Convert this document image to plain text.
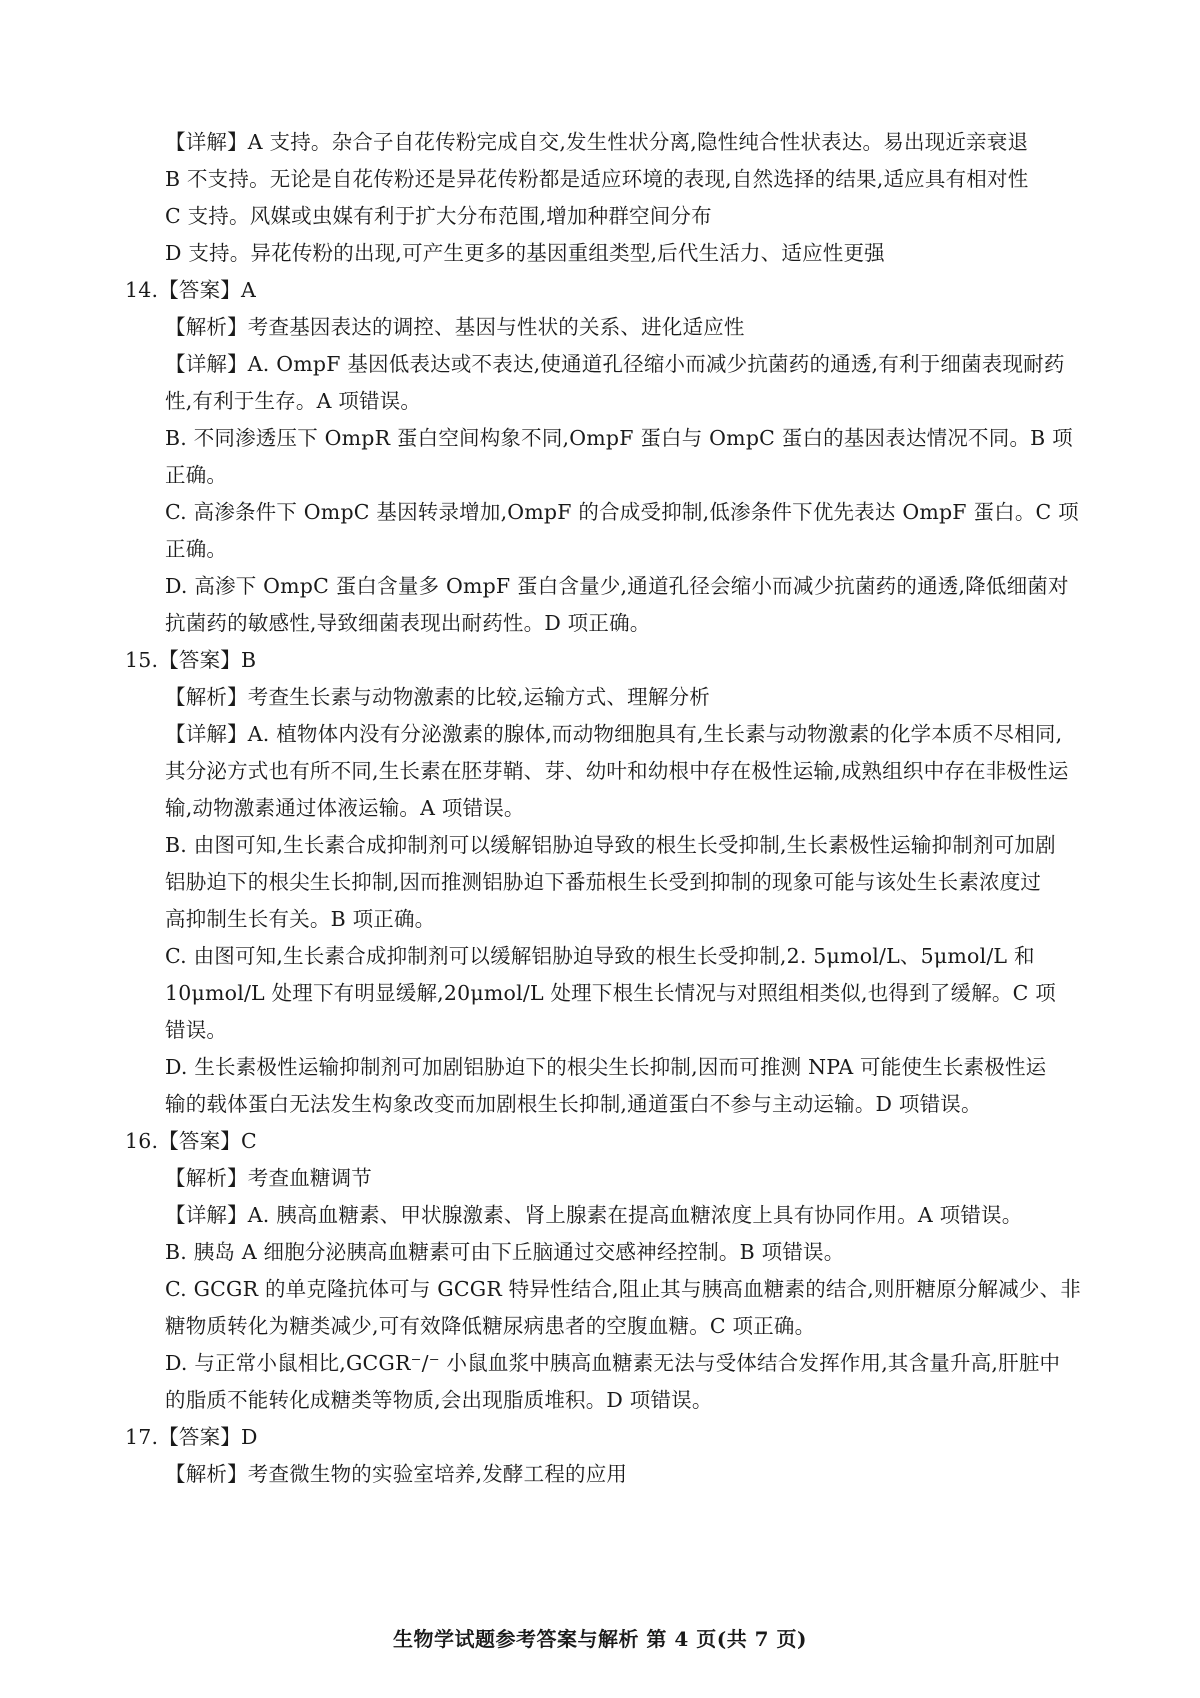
【详解】A 支持。杂合子自花传粉完成自交,发生性状分离,隐性纯合性状表达。易出现近亲衰退
B 不支持。无论是自花传粉还是异花传粉都是适应环境的表现,自然选择的结果,适应具有相对性
C 支持。风媒或虫媒有利于扩大分布范围,增加种群空间分布
D 支持。异花传粉的出现,可产生更多的基因重组类型,后代生活力、适应性更强
14.【答案】A
【解析】考查基因表达的调控、基因与性状的关系、进化适应性
【详解】A. OmpF 基因低表达或不表达,使通道孔径缩小而减少抗菌药的通透,有利于细菌表现耐药
性,有利于生存。A 项错误。
B. 不同渗透压下 OmpR 蛋白空间构象不同,OmpF 蛋白与 OmpC 蛋白的基因表达情况不同。B 项
正确。
C. 高渗条件下 OmpC 基因转录增加,OmpF 的合成受抑制,低渗条件下优先表达 OmpF 蛋白。C 项
正确。
D. 高渗下 OmpC 蛋白含量多 OmpF 蛋白含量少,通道孔径会缩小而减少抗菌药的通透,降低细菌对
抗菌药的敏感性,导致细菌表现出耐药性。D 项正确。
15.【答案】B
【解析】考查生长素与动物激素的比较,运输方式、理解分析
【详解】A. 植物体内没有分泌激素的腺体,而动物细胞具有,生长素与动物激素的化学本质不尽相同,
其分泌方式也有所不同,生长素在胚芽鞘、芽、幼叶和幼根中存在极性运输,成熟组织中存在非极性运
输,动物激素通过体液运输。A 项错误。
B. 由图可知,生长素合成抑制剂可以缓解铝胁迫导致的根生长受抑制,生长素极性运输抑制剂可加剧
铝胁迫下的根尖生长抑制,因而推测铝胁迫下番茄根生长受到抑制的现象可能与该处生长素浓度过
高抑制生长有关。B 项正确。
C. 由图可知,生长素合成抑制剂可以缓解铝胁迫导致的根生长受抑制,2. 5μmol/L、5μmol/L 和
10μmol/L 处理下有明显缓解,20μmol/L 处理下根生长情况与对照组相类似,也得到了缓解。C 项
错误。
D. 生长素极性运输抑制剂可加剧铝胁迫下的根尖生长抑制,因而可推测 NPA 可能使生长素极性运
输的载体蛋白无法发生构象改变而加剧根生长抑制,通道蛋白不参与主动运输。D 项错误。
16.【答案】C
【解析】考查血糖调节
【详解】A. 胰高血糖素、甲状腺激素、肾上腺素在提高血糖浓度上具有协同作用。A 项错误。
B. 胰岛 A 细胞分泌胰高血糖素可由下丘脑通过交感神经控制。B 项错误。
C. GCGR 的单克隆抗体可与 GCGR 特异性结合,阻止其与胰高血糖素的结合,则肝糖原分解减少、非
糖物质转化为糖类减少,可有效降低糖尿病患者的空腹血糖。C 项正确。
D. 与正常小鼠相比,GCGR⁻/⁻ 小鼠血浆中胰高血糖素无法与受体结合发挥作用,其含量升高,肝脏中
的脂质不能转化成糖类等物质,会出现脂质堆积。D 项错误。
17.【答案】D
【解析】考查微生物的实验室培养,发酵工程的应用
生物学试题参考答案与解析 第 4 页(共 7 页)
